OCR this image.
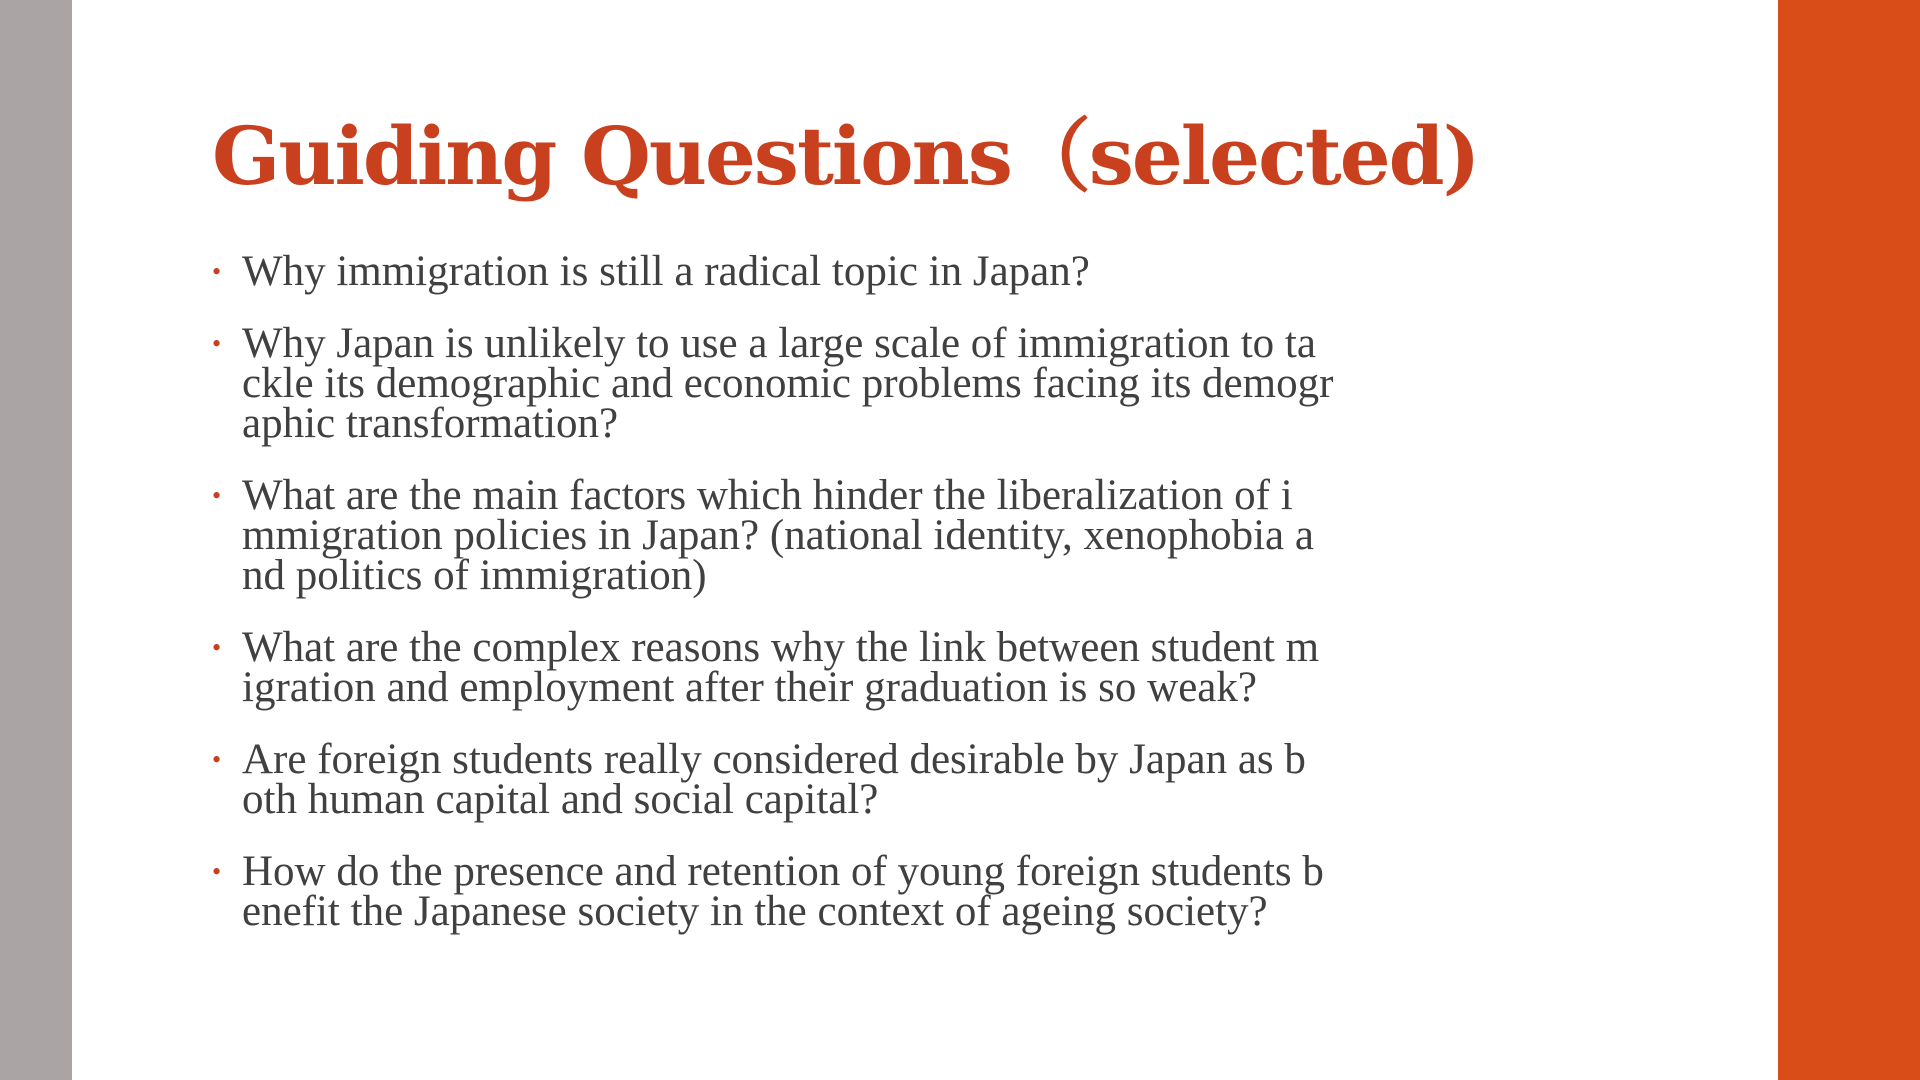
Guiding Questions（selected)
• Why immigration is still a radical topic in Japan?
• Why Japan is unlikely to use a large scale of immigration to ta
ckle its demographic and economic problems facing its demogr
aphic transformation?
• What are the main factors which hinder the liberalization of i
mmigration policies in Japan? (national identity, xenophobia a
nd politics of immigration)
• What are the complex reasons why the link between student m
igration and employment after their graduation is so weak?
• Are foreign students really considered desirable by Japan as b
oth human capital and social capital?
• How do the presence and retention of young foreign students b
enefit the Japanese society in the context of ageing society?
